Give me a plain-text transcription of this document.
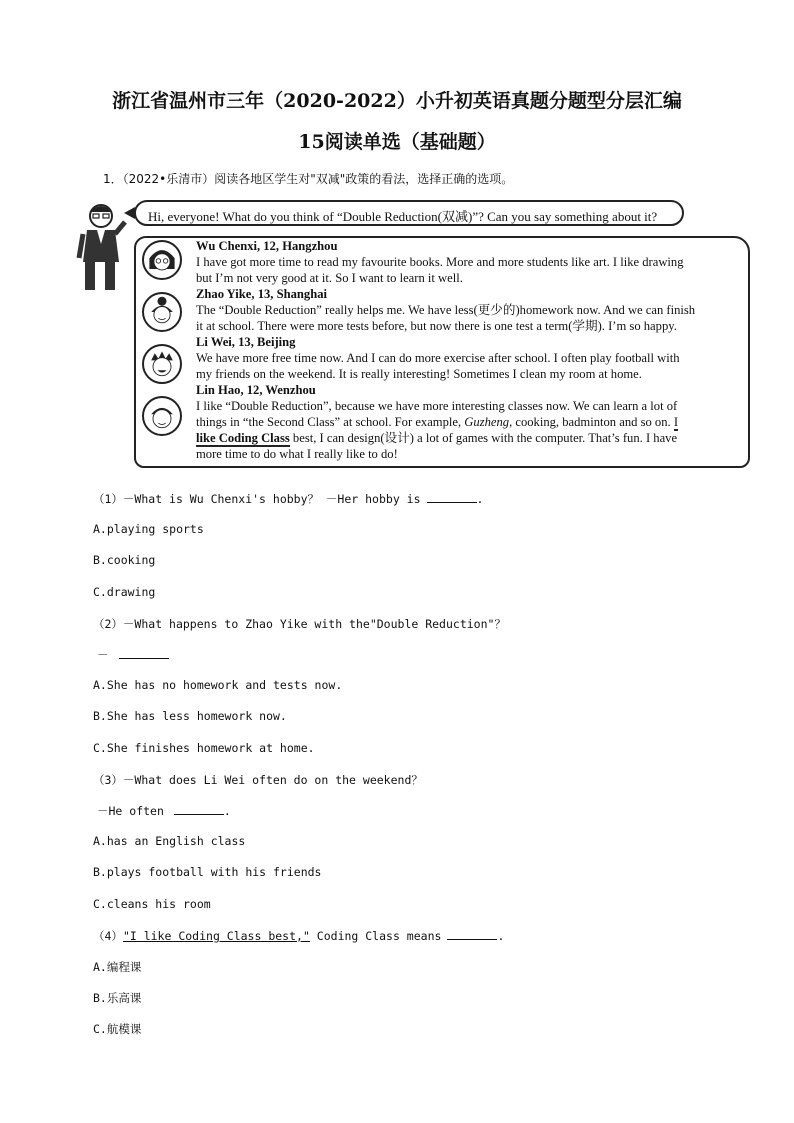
浙江省温州市三年（2020-2022）小升初英语真题分题型分层汇编
15阅读单选（基础题）
1．（2022•乐清市）阅读各地区学生对"双减"政策的看法，选择正确的选项。
Hi, everyone! What do you think of “Double Reduction(双减)”? Can you say something about it?
Wu Chenxi, 12, Hangzhou
I have got more time to read my favourite books. More and more students like art. I like drawing
but I’m not very good at it. So I want to learn it well.
Zhao Yike, 13, Shanghai
The “Double Reduction” really helps me. We have less(更少的)homework now. And we can finish
it at school. There were more tests before, but now there is one test a term(学期). I’m so happy.
Li Wei, 13, Beijing
We have more free time now. And I can do more exercise after school. I often play football with
my friends on the weekend. It is really interesting! Sometimes I clean my room at home.
Lin Hao, 12, Wenzhou
I like “Double Reduction”, because we have more interesting classes now. We can learn a lot of
things in “the Second Class” at school. For example, Guzheng, cooking, badminton and so on. I
like Coding Class best, I can design(设计) a lot of games with the computer. That’s fun. I have
more time to do what I really like to do!
（1）－What is Wu Chenxi's hobby？ －Her hobby is	.
A.playing sports
B.cooking
C.drawing
（2）－What happens to Zhao Yike with the"Double Reduction"？
－
A.She has no homework and tests now.
B.She has less homework now.
C.She finishes homework at home.
（3）－What does Li Wei often do on the weekend？
－He often	.
A.has an English class
B.plays football with his friends
C.cleans his room
（4）"I like Coding Class best," Coding Class means	.
A.编程课
B.乐高课
C.航模课
